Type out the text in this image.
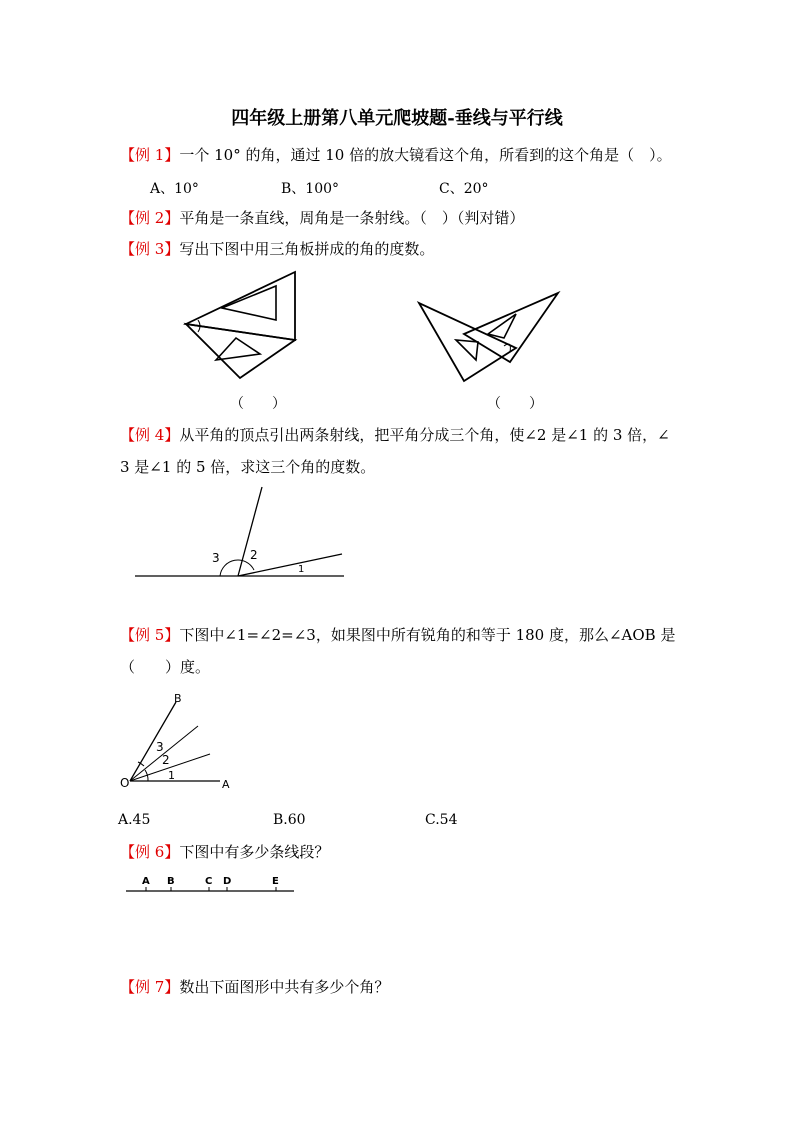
四年级上册第八单元爬坡题-垂线与平行线
【例 1】一个 10° 的角，通过 10 倍的放大镜看这个角，所看到的这个角是（　）。
A、10°	B、100°	C、20°
【例 2】平角是一条直线，周角是一条射线。（　）（判对错）
【例 3】写出下图中用三角板拼成的角的度数。
（　　）	（　　）
【例 4】从平角的顶点引出两条射线，把平角分成三个角，使∠2 是∠1 的 3 倍，∠
3 是∠1 的 5 倍，求这三个角的度数。
3	2
1
【例 5】下图中∠1=∠2=∠3，如果图中所有锐角的和等于 180 度，那么∠AOB 是
（　　）度。
B
O	A
3
2
1
A.45	B.60	C.54
【例 6】下图中有多少条线段？
A B	C D	E
【例 7】数出下面图形中共有多少个角？
